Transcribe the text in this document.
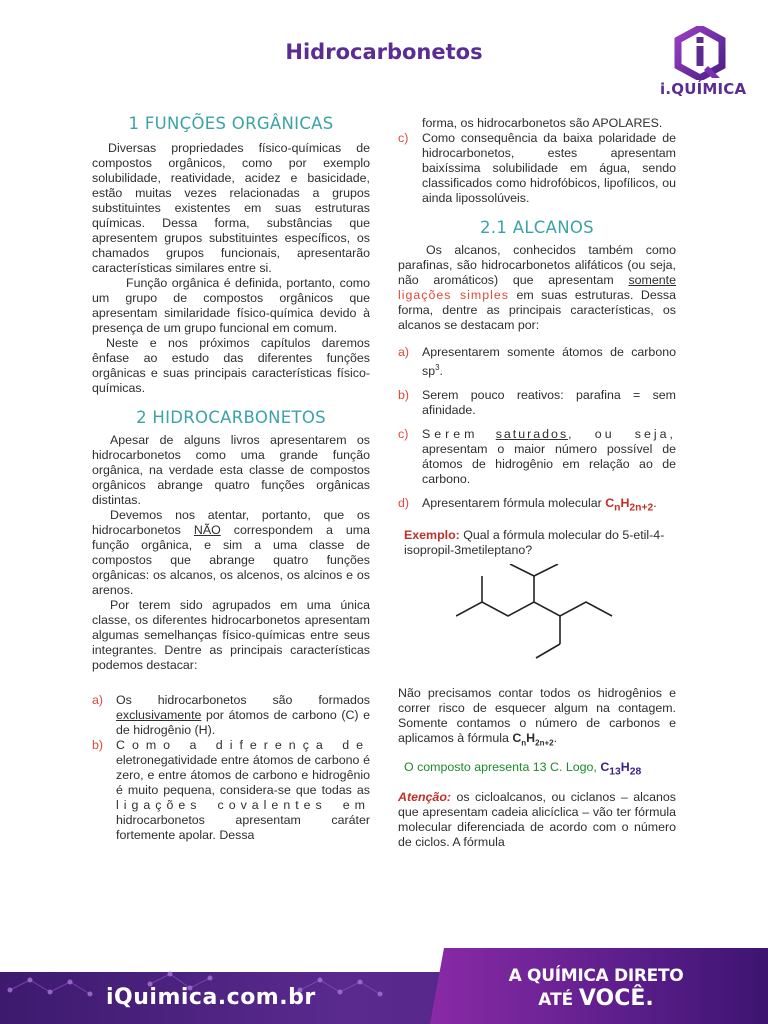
Hidrocarbonetos
i.QUÍMICA
1 FUNÇÕES ORGÂNICAS

Diversas propriedades físico-químicas de compostos orgânicos, como por exemplo solubilidade, reatividade, acidez e basicidade, estão muitas vezes relacionadas a grupos substituintes existentes em suas estruturas químicas. Dessa forma, substâncias que apresentem grupos substituintes específicos, os chamados grupos funcionais, apresentarão características similares entre si.

Função orgânica é definida, portanto, como um grupo de compostos orgânicos que apresentam similaridade físico-química devido à presença de um grupo funcional em comum.

Neste e nos próximos capítulos daremos ênfase ao estudo das diferentes funções orgânicas e suas principais características físico-químicas.

2 HIDROCARBONETOS

Apesar de alguns livros apresentarem os hidrocarbonetos como uma grande função orgânica, na verdade esta classe de compostos orgânicos abrange quatro funções orgânicas distintas.

Devemos nos atentar, portanto, que os hidrocarbonetos NÃO correspondem a uma função orgânica, e sim a uma classe de compostos que abrange quatro funções orgânicas: os alcanos, os alcenos, os alcinos e os arenos.

Por terem sido agrupados em uma única classe, os diferentes hidrocarbonetos apresentam algumas semelhanças físico-químicas entre seus integrantes. Dentre as principais características podemos destacar:

a)	Os hidrocarbonetos são formados exclusivamente por átomos de carbono (C) e de hidrogênio (H).
b)	Como a diferença de eletronegatividade entre átomos de carbono é zero, e entre átomos de carbono e hidrogênio é muito pequena, considera-se que todas as ligações covalentes em hidrocarbonetos apresentam caráter fortemente apolar. Dessa

forma, os hidrocarbonetos são APOLARES.

c)	Como consequência da baixa polaridade de hidrocarbonetos, estes apresentam baixíssima solubilidade em água, sendo classificados como hidrofóbicos, lipofílicos, ou ainda lipossolúveis.
2.1 ALCANOS

Os alcanos, conhecidos também como parafinas, são hidrocarbonetos alifáticos (ou seja, não aromáticos) que apresentam somente ligações simples em suas estruturas. Dessa forma, dentre as principais características, os alcanos se destacam por:

a)	Apresentarem somente átomos de carbono $sp^3$.
b)	Serem pouco reativos: parafina = sem afinidade.
c)	Serem saturados, ou seja, apresentam o maior número possível de átomos de hidrogênio em relação ao de carbono.
d)	Apresentarem fórmula molecular $C_nH_{2n+2}$.

Exemplo: Qual a fórmula molecular do 5-etil-4-isopropil-3metileptano?

Não precisamos contar todos os hidrogênios e correr risco de esquecer algum na contagem. Somente contamos o número de carbonos e aplicamos à fórmula $C_nH_{2n+2}$.

O composto apresenta 13 C. Logo, $C_{13}H_{28}$

Atenção: os cicloalcanos, ou ciclanos – alcanos que apresentam cadeia alicíclica – vão ter fórmula molecular diferenciada de acordo com o número de ciclos. A fórmula

iQuimica.com.br
A QUÍMICA DIRETO
ATÉ VOCÊ.
